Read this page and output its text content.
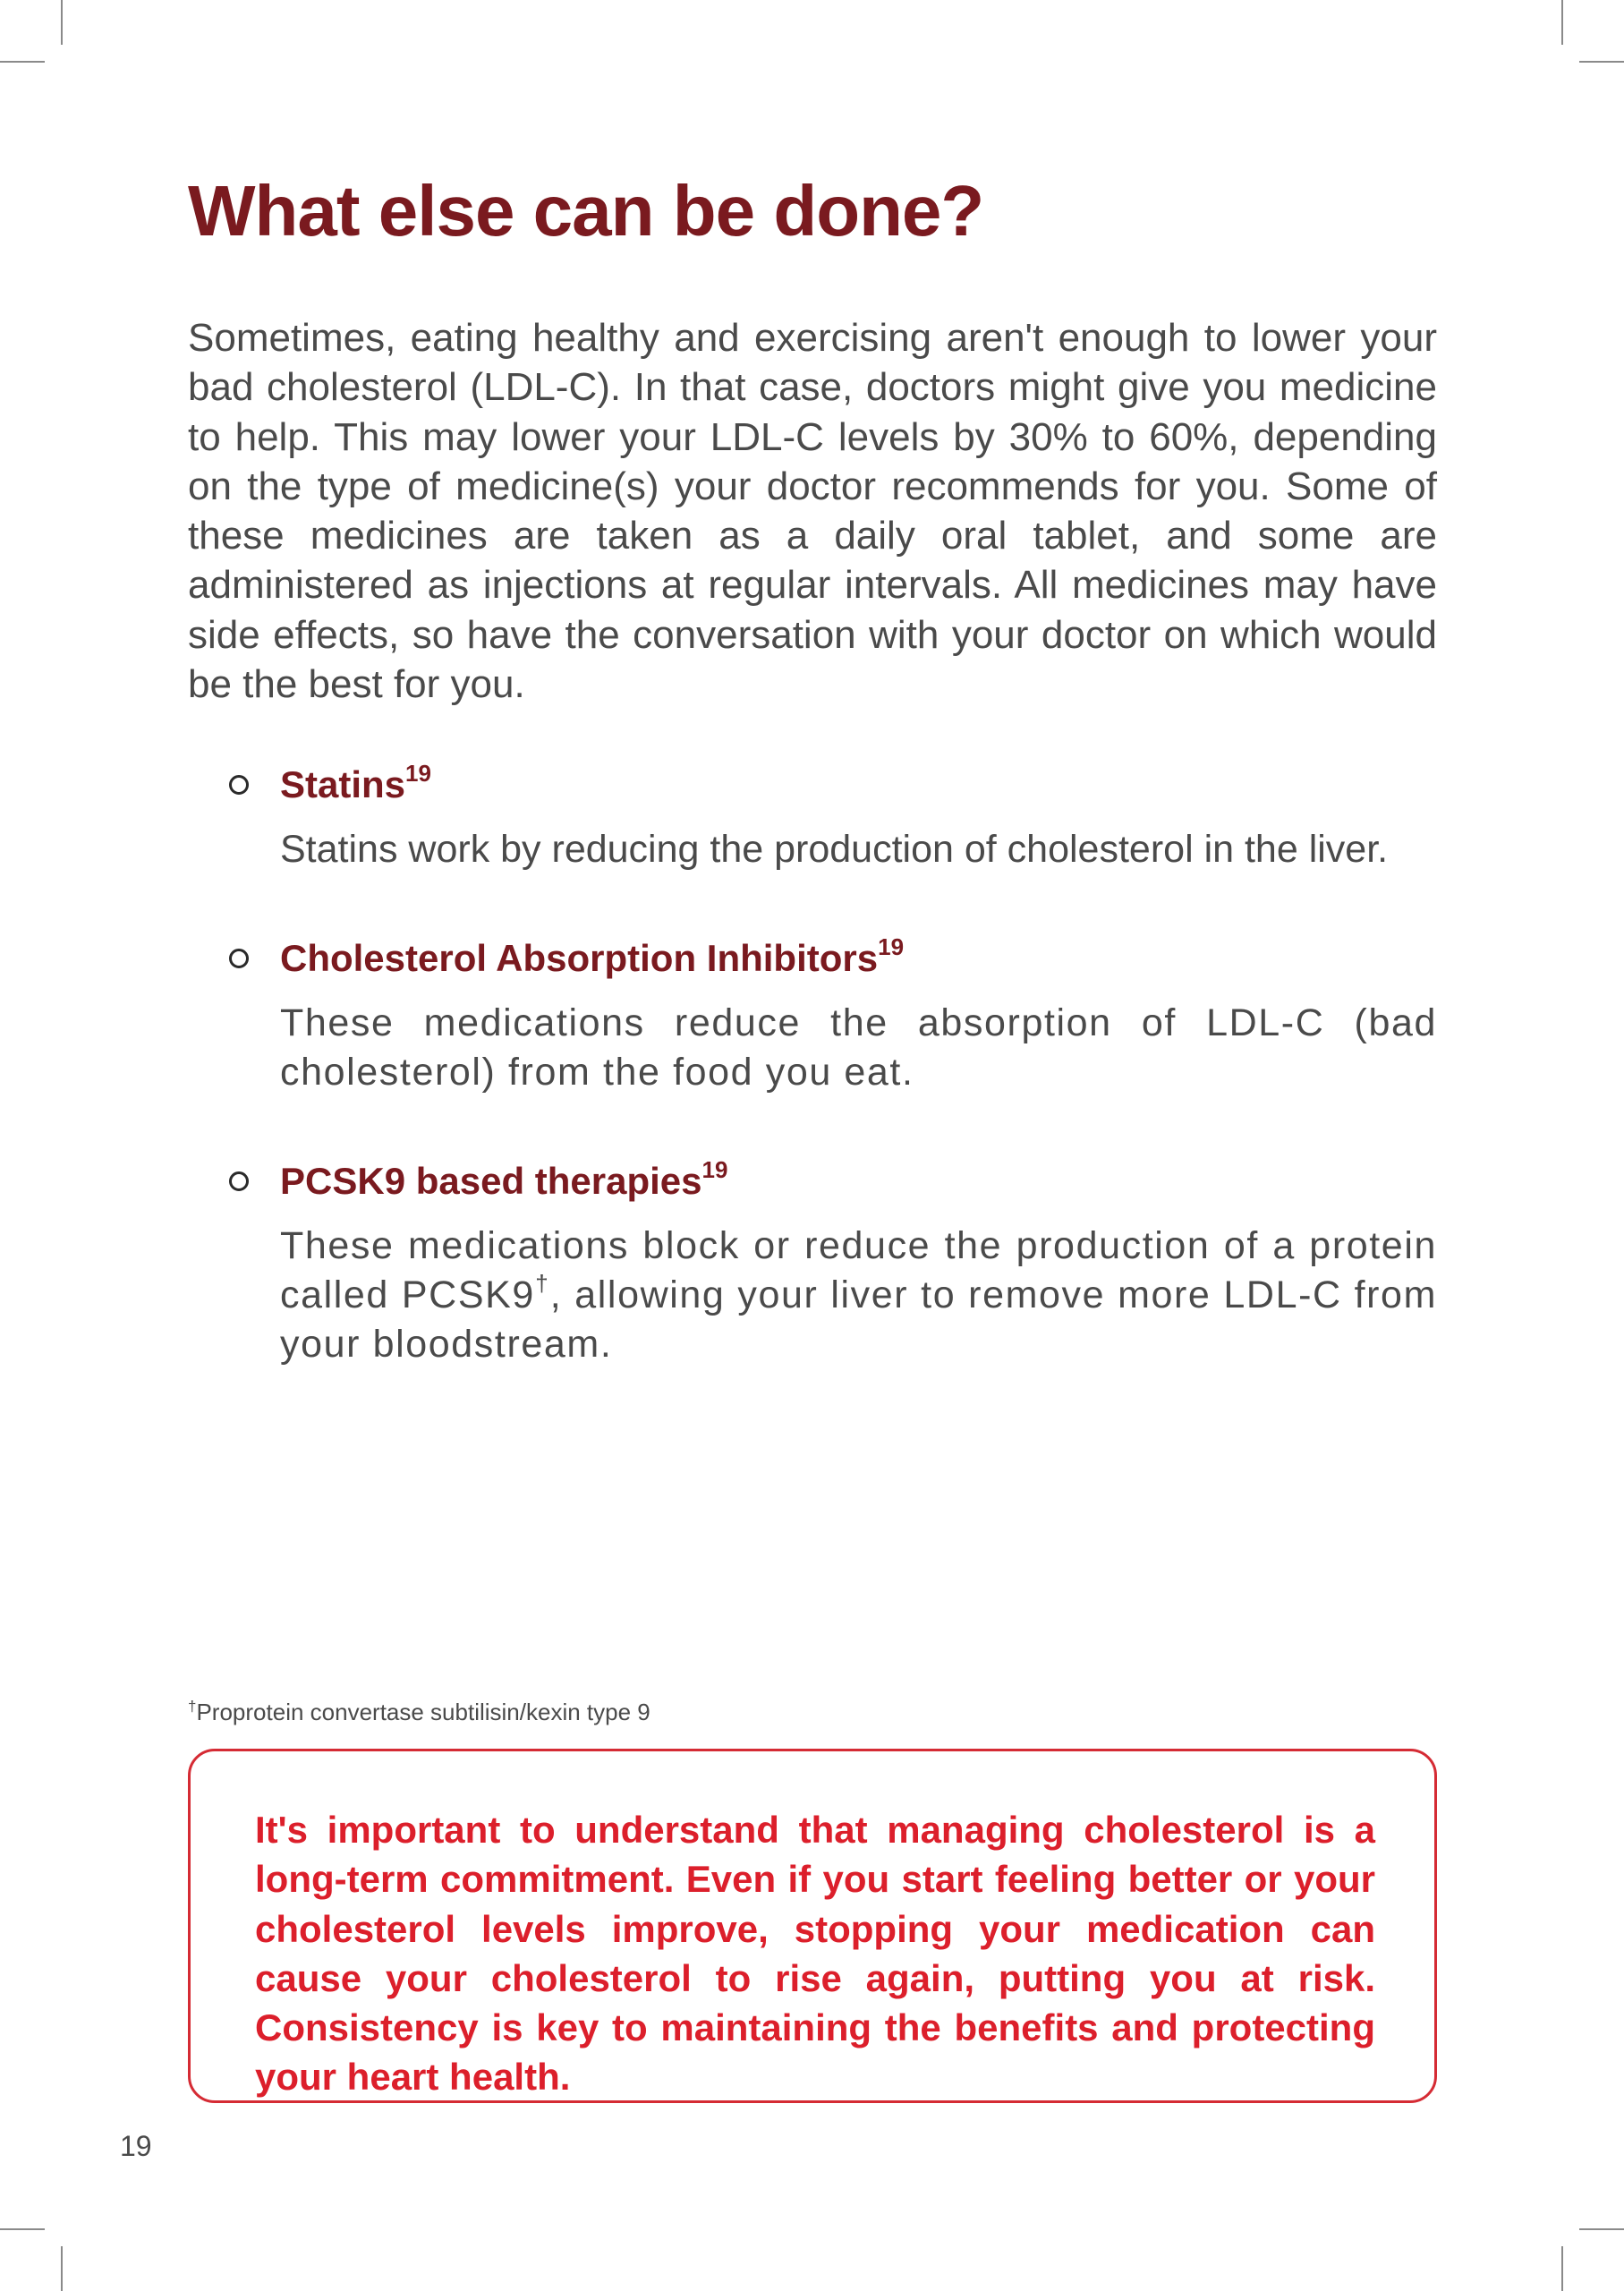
What else can be done?

Sometimes, eating healthy and exercising aren't enough to lower your bad cholesterol (LDL-C). In that case, doctors might give you medicine to help. This may lower your LDL-C levels by 30% to 60%, depending on the type of medicine(s) your doctor recommends for you. Some of these medicines are taken as a daily oral tablet, and some are administered as injections at regular intervals. All medicines may have side effects, so have the conversation with your doctor on which would be the best for you.

Statins$^{19}$

Statins work by reducing the production of cholesterol in the liver.

Cholesterol Absorption Inhibitors$^{19}$

These medications reduce the absorption of LDL-C (bad cholesterol) from the food you eat.

PCSK9 based therapies$^{19}$

These medications block or reduce the production of a protein called PCSK9†, allowing your liver to remove more LDL-C from your bloodstream.

†Proprotein convertase subtilisin/kexin type 9

It's important to understand that managing cholesterol is a long-term commitment. Even if you start feeling better or your cholesterol levels improve, stopping your medication can cause your cholesterol to rise again, putting you at risk. Consistency is key to maintaining the benefits and protecting your heart health.

19
